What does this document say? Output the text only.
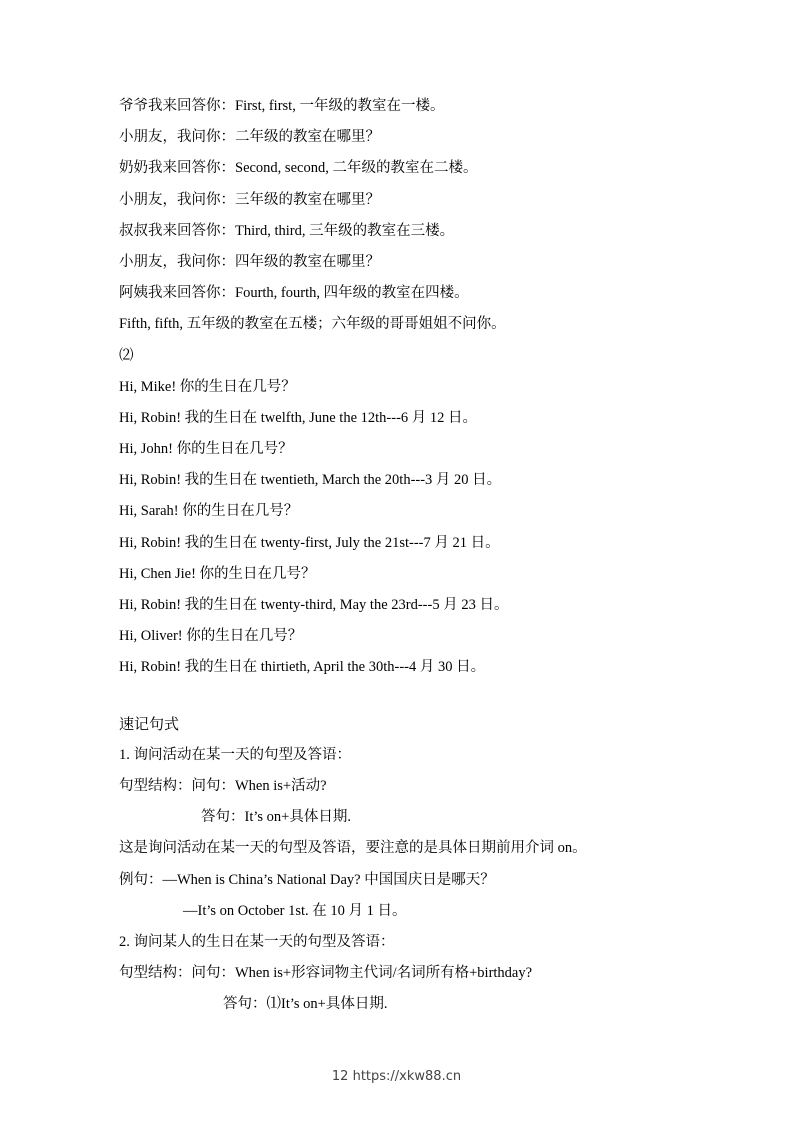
爷爷我来回答你：First, first, 一年级的教室在一楼。
小朋友，我问你：二年级的教室在哪里？
奶奶我来回答你：Second, second, 二年级的教室在二楼。
小朋友，我问你：三年级的教室在哪里？
叔叔我来回答你：Third, third, 三年级的教室在三楼。
小朋友，我问你：四年级的教室在哪里？
阿姨我来回答你：Fourth, fourth, 四年级的教室在四楼。
Fifth, fifth, 五年级的教室在五楼；六年级的哥哥姐姐不问你。
⑵
Hi, Mike! 你的生日在几号？
Hi, Robin! 我的生日在 twelfth, June the 12th---6 月 12 日。
Hi, John! 你的生日在几号？
Hi, Robin! 我的生日在 twentieth, March the 20th---3 月 20 日。
Hi, Sarah! 你的生日在几号？
Hi, Robin! 我的生日在 twenty-first, July the 21st---7 月 21 日。
Hi, Chen Jie! 你的生日在几号？
Hi, Robin! 我的生日在 twenty-third, May the 23rd---5 月 23 日。
Hi, Oliver! 你的生日在几号？
Hi, Robin! 我的生日在 thirtieth, April the 30th---4 月 30 日。
速记句式
1. 询问活动在某一天的句型及答语：
句型结构：问句：When is+活动?
答句：It’s on+具体日期.
这是询问活动在某一天的句型及答语，要注意的是具体日期前用介词 on。
例句：—When is China’s National Day? 中国国庆日是哪天？
—It’s on October 1st. 在 10 月 1 日。
2. 询问某人的生日在某一天的句型及答语：
句型结构：问句：When is+形容词物主代词/名词所有格+birthday?
答句：⑴It’s on+具体日期.
12 https://xkw88.cn
